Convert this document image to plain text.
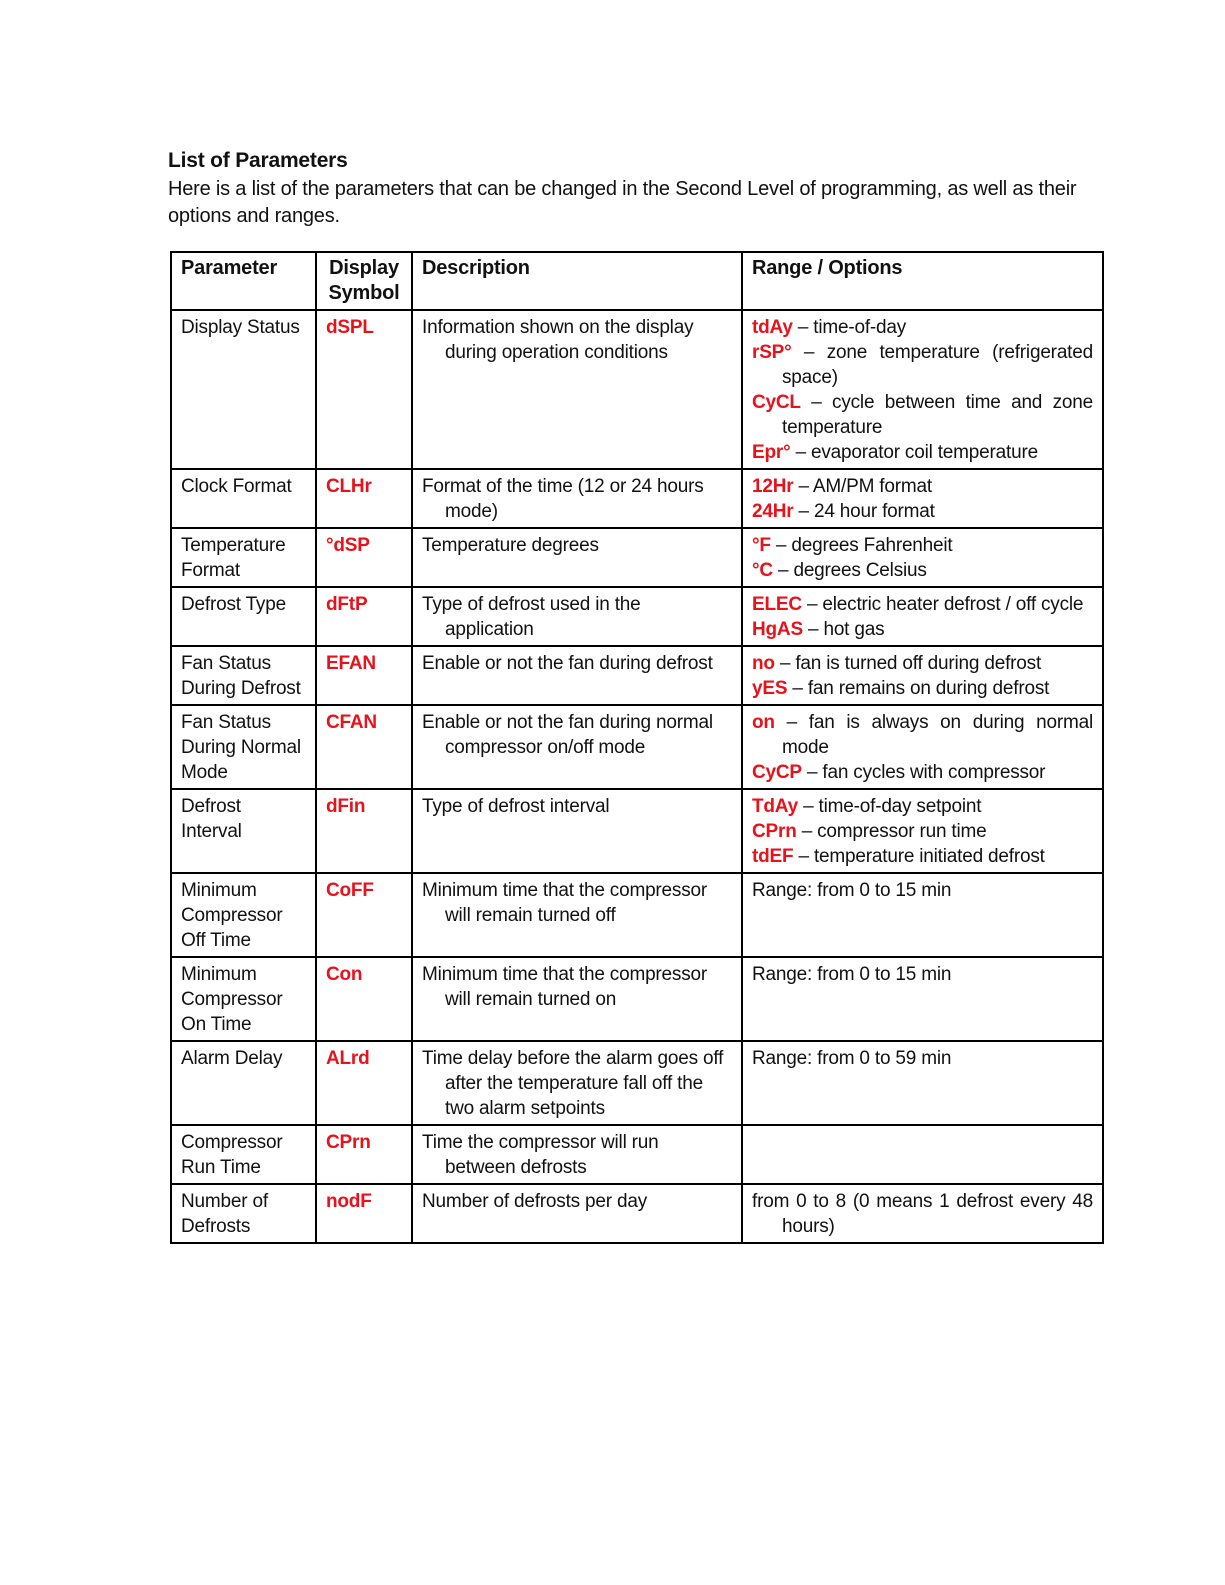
List of Parameters
Here is a list of the parameters that can be changed in the Second Level of programming, as well as their options and ranges.
Parameter	Display Symbol	Description	Range / Options
Display Status	dSPL	Information shown on the display during operation conditions	tdAy – time-of-day
rSP° – zone temperature (refrigerated space)
CyCL – cycle between time and zone temperature
Epr° – evaporator coil temperature

Clock Format	CLHr	Format of the time (12 or 24 hours mode)	12Hr – AM/PM format
24Hr – 24 hour format

Temperature Format	°dSP	Temperature degrees	°F – degrees Fahrenheit
°C – degrees Celsius

Defrost Type	dFtP	Type of defrost used in the application	ELEC – electric heater defrost / off cycle
HgAS – hot gas

Fan Status During Defrost	EFAN	Enable or not the fan during defrost	no – fan is turned off during defrost
yES – fan remains on during defrost

Fan Status During Normal Mode	CFAN	Enable or not the fan during normal compressor on/off mode	on – fan is always on during normal mode
CyCP – fan cycles with compressor

Defrost Interval	dFin	Type of defrost interval	TdAy – time-of-day setpoint
CPrn – compressor run time
tdEF – temperature initiated defrost

Minimum Compressor Off Time	CoFF	Minimum time that the compressor will remain turned off	Range: from 0 to 15 min

Minimum Compressor On Time	Con	Minimum time that the compressor will remain turned on	Range: from 0 to 15 min

Alarm Delay	ALrd	Time delay before the alarm goes off after the temperature fall off the two alarm setpoints	Range: from 0 to 59 min

Compressor Run Time	CPrn	Time the compressor will run between defrosts	

Number of Defrosts	nodF	Number of defrosts per day	from 0 to 8 (0 means 1 defrost every 48 hours)
